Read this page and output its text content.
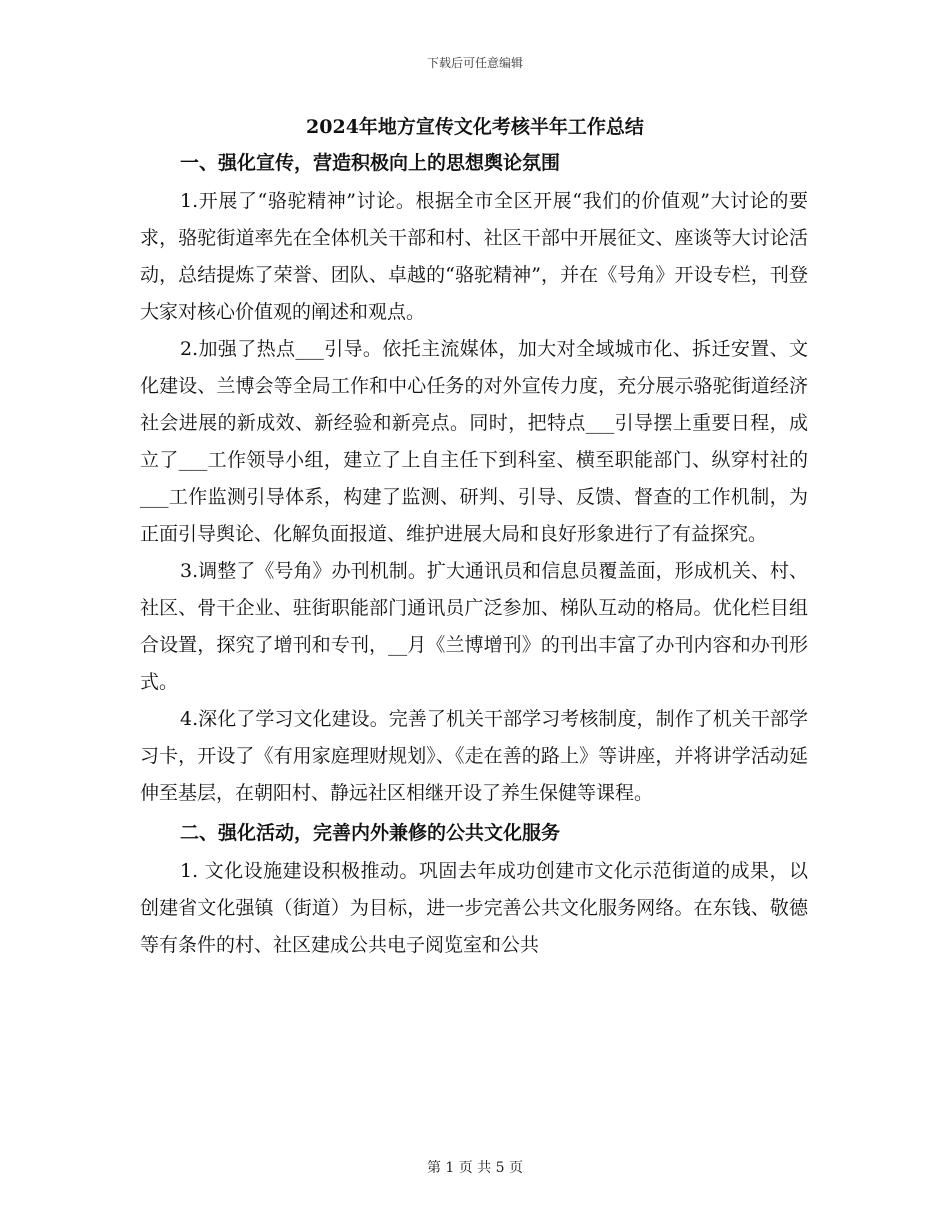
下载后可任意编辑
2024年地方宣传文化考核半年工作总结

一、强化宣传，营造积极向上的思想舆论氛围

1.开展了“骆驼精神”讨论。根据全市全区开展“我们的价值观”大讨论的要求，骆驼街道率先在全体机关干部和村、社区干部中开展征文、座谈等大讨论活动，总结提炼了荣誉、团队、卓越的“骆驼精神”，并在《号角》开设专栏，刊登大家对核心价值观的阐述和观点。

2.加强了热点___引导。依托主流媒体，加大对全域城市化、拆迁安置、文化建设、兰博会等全局工作和中心任务的对外宣传力度，充分展示骆驼街道经济社会进展的新成效、新经验和新亮点。同时，把特点___引导摆上重要日程，成立了___工作领导小组，建立了上自主任下到科室、横至职能部门、纵穿村社的___工作监测引导体系，构建了监测、研判、引导、反馈、督查的工作机制，为正面引导舆论、化解负面报道、维护进展大局和良好形象进行了有益探究。

3.调整了《号角》办刊机制。扩大通讯员和信息员覆盖面，形成机关、村、社区、骨干企业、驻街职能部门通讯员广泛参加、梯队互动的格局。优化栏目组合设置，探究了增刊和专刊，__月《兰博增刊》的刊出丰富了办刊内容和办刊形式。

4.深化了学习文化建设。完善了机关干部学习考核制度，制作了机关干部学习卡，开设了《有用家庭理财规划》、《走在善的路上》等讲座，并将讲学活动延伸至基层，在朝阳村、静远社区相继开设了养生保健等课程。

二、强化活动，完善内外兼修的公共文化服务

1. 文化设施建设积极推动。巩固去年成功创建市文化示范街道的成果，以创建省文化强镇（街道）为目标，进一步完善公共文化服务网络。在东钱、敬德等有条件的村、社区建成公共电子阅览室和公共

第 1 页 共 5 页
